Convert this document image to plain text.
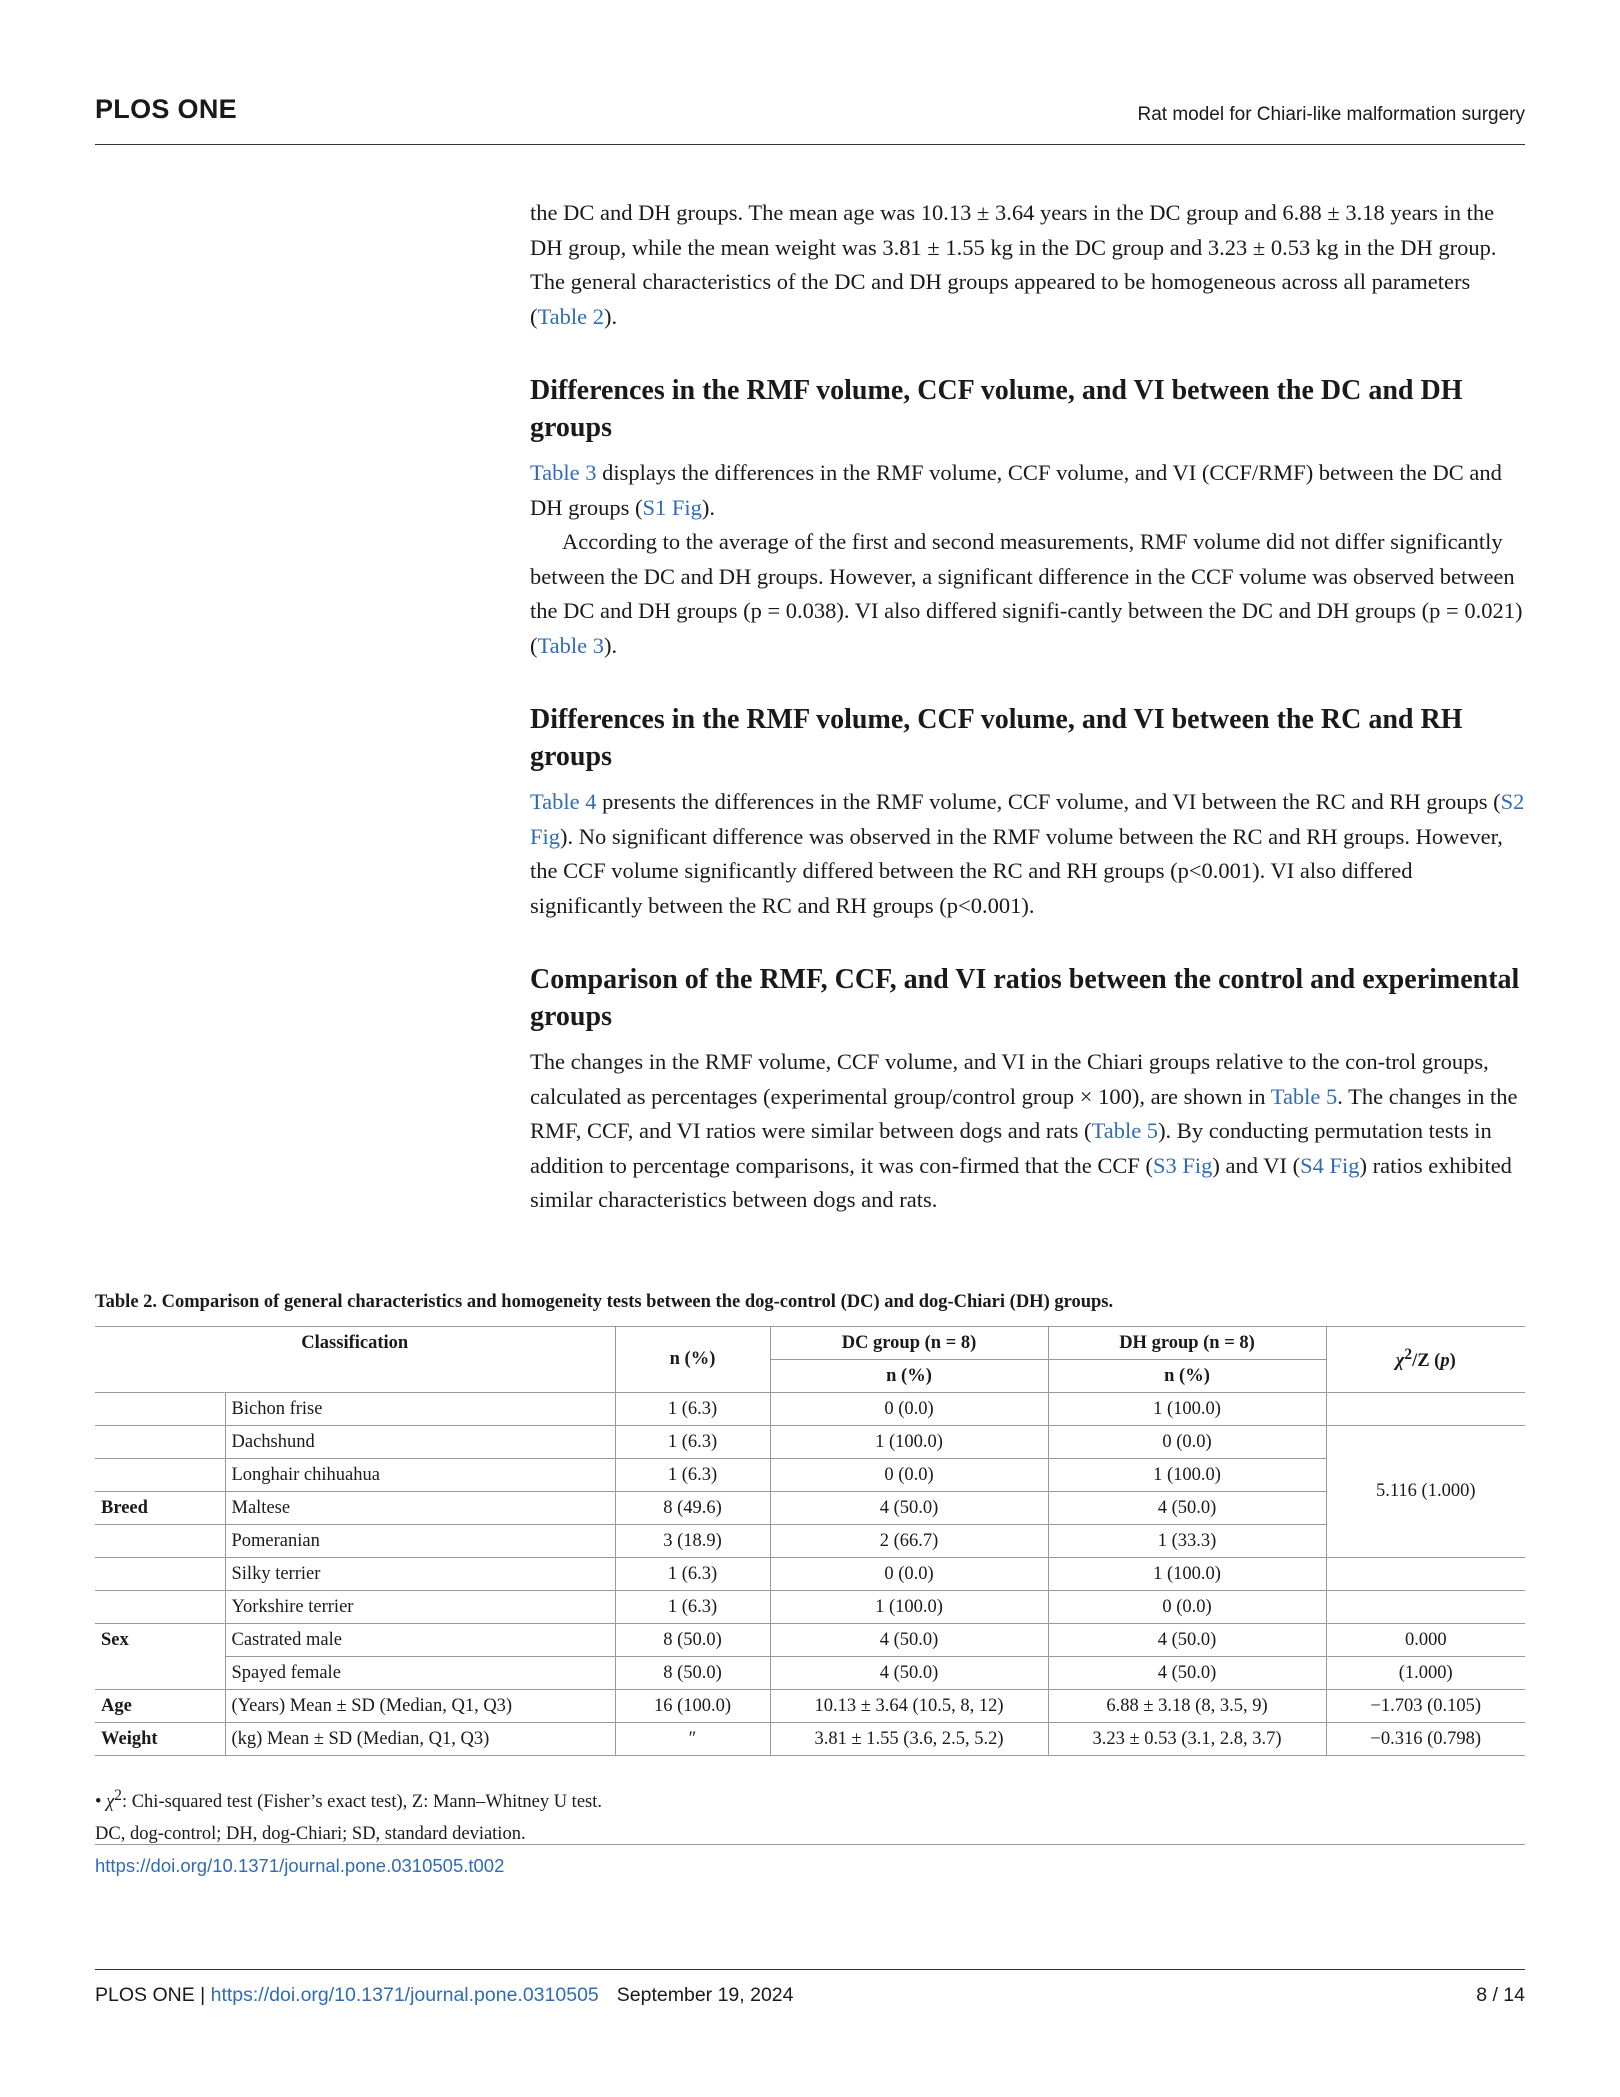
PLOS ONE	Rat model for Chiari-like malformation surgery

the DC and DH groups. The mean age was 10.13 ± 3.64 years in the DC group and 6.88 ± 3.18 years in the DH group, while the mean weight was 3.81 ± 1.55 kg in the DC group and 3.23 ± 0.53 kg in the DH group. The general characteristics of the DC and DH groups appeared to be homogeneous across all parameters (Table 2).

Differences in the RMF volume, CCF volume, and VI between the DC and DH groups

Table 3 displays the differences in the RMF volume, CCF volume, and VI (CCF/RMF) between the DC and DH groups (S1 Fig).

According to the average of the first and second measurements, RMF volume did not differ significantly between the DC and DH groups. However, a significant difference in the CCF volume was observed between the DC and DH groups (p = 0.038). VI also differed signifi-cantly between the DC and DH groups (p = 0.021) (Table 3).

Differences in the RMF volume, CCF volume, and VI between the RC and RH groups

Table 4 presents the differences in the RMF volume, CCF volume, and VI between the RC and RH groups (S2 Fig). No significant difference was observed in the RMF volume between the RC and RH groups. However, the CCF volume significantly differed between the RC and RH groups (p<0.001). VI also differed significantly between the RC and RH groups (p<0.001).

Comparison of the RMF, CCF, and VI ratios between the control and experimental groups

The changes in the RMF volume, CCF volume, and VI in the Chiari groups relative to the con-trol groups, calculated as percentages (experimental group/control group × 100), are shown in Table 5. The changes in the RMF, CCF, and VI ratios were similar between dogs and rats (Table 5). By conducting permutation tests in addition to percentage comparisons, it was con-firmed that the CCF (S3 Fig) and VI (S4 Fig) ratios exhibited similar characteristics between dogs and rats.

Table 2. Comparison of general characteristics and homogeneity tests between the dog-control (DC) and dog-Chiari (DH) groups.
Classification		n (%)	DC group (n = 8)	DH group (n = 8)	$\chi^2/Z$ (p)
			n (%)	n (%)	
	Bichon frise	1 (6.3)	0 (0.0)	1 (100.0)	
	Dachshund	1 (6.3)	1 (100.0)	0 (0.0)	5.116 (1.000)
	Longhair chihuahua	1 (6.3)	0 (0.0)	1 (100.0)	
Breed	Maltese	8 (49.6)	4 (50.0)	4 (50.0)	
	Pomeranian	3 (18.9)	2 (66.7)	1 (33.3)	
	Silky terrier	1 (6.3)	0 (0.0)	1 (100.0)	
	Yorkshire terrier	1 (6.3)	1 (100.0)	0 (0.0)	
Sex	Castrated male	8 (50.0)	4 (50.0)	4 (50.0)	0.000
	Spayed female	8 (50.0)	4 (50.0)	4 (50.0)	(1.000)
Age	(Years) Mean ± SD (Median, Q1, Q3)	16 (100.0)	10.13 ± 3.64 (10.5, 8, 12)	6.88 ± 3.18 (8, 3.5, 9)	−1.703 (0.105)
Weight	(kg) Mean ± SD (Median, Q1, Q3)	″	3.81 ± 1.55 (3.6, 2.5, 5.2)	3.23 ± 0.53 (3.1, 2.8, 3.7)	−0.316 (0.798)

• $\chi^2$: Chi-squared test (Fisher’s exact test), Z: Mann–Whitney U test.

DC, dog-control; DH, dog-Chiari; SD, standard deviation.

https://doi.org/10.1371/journal.pone.0310505.t002
PLOS ONE | https://doi.org/10.1371/journal.pone.0310505 September 19, 2024	8 / 14
